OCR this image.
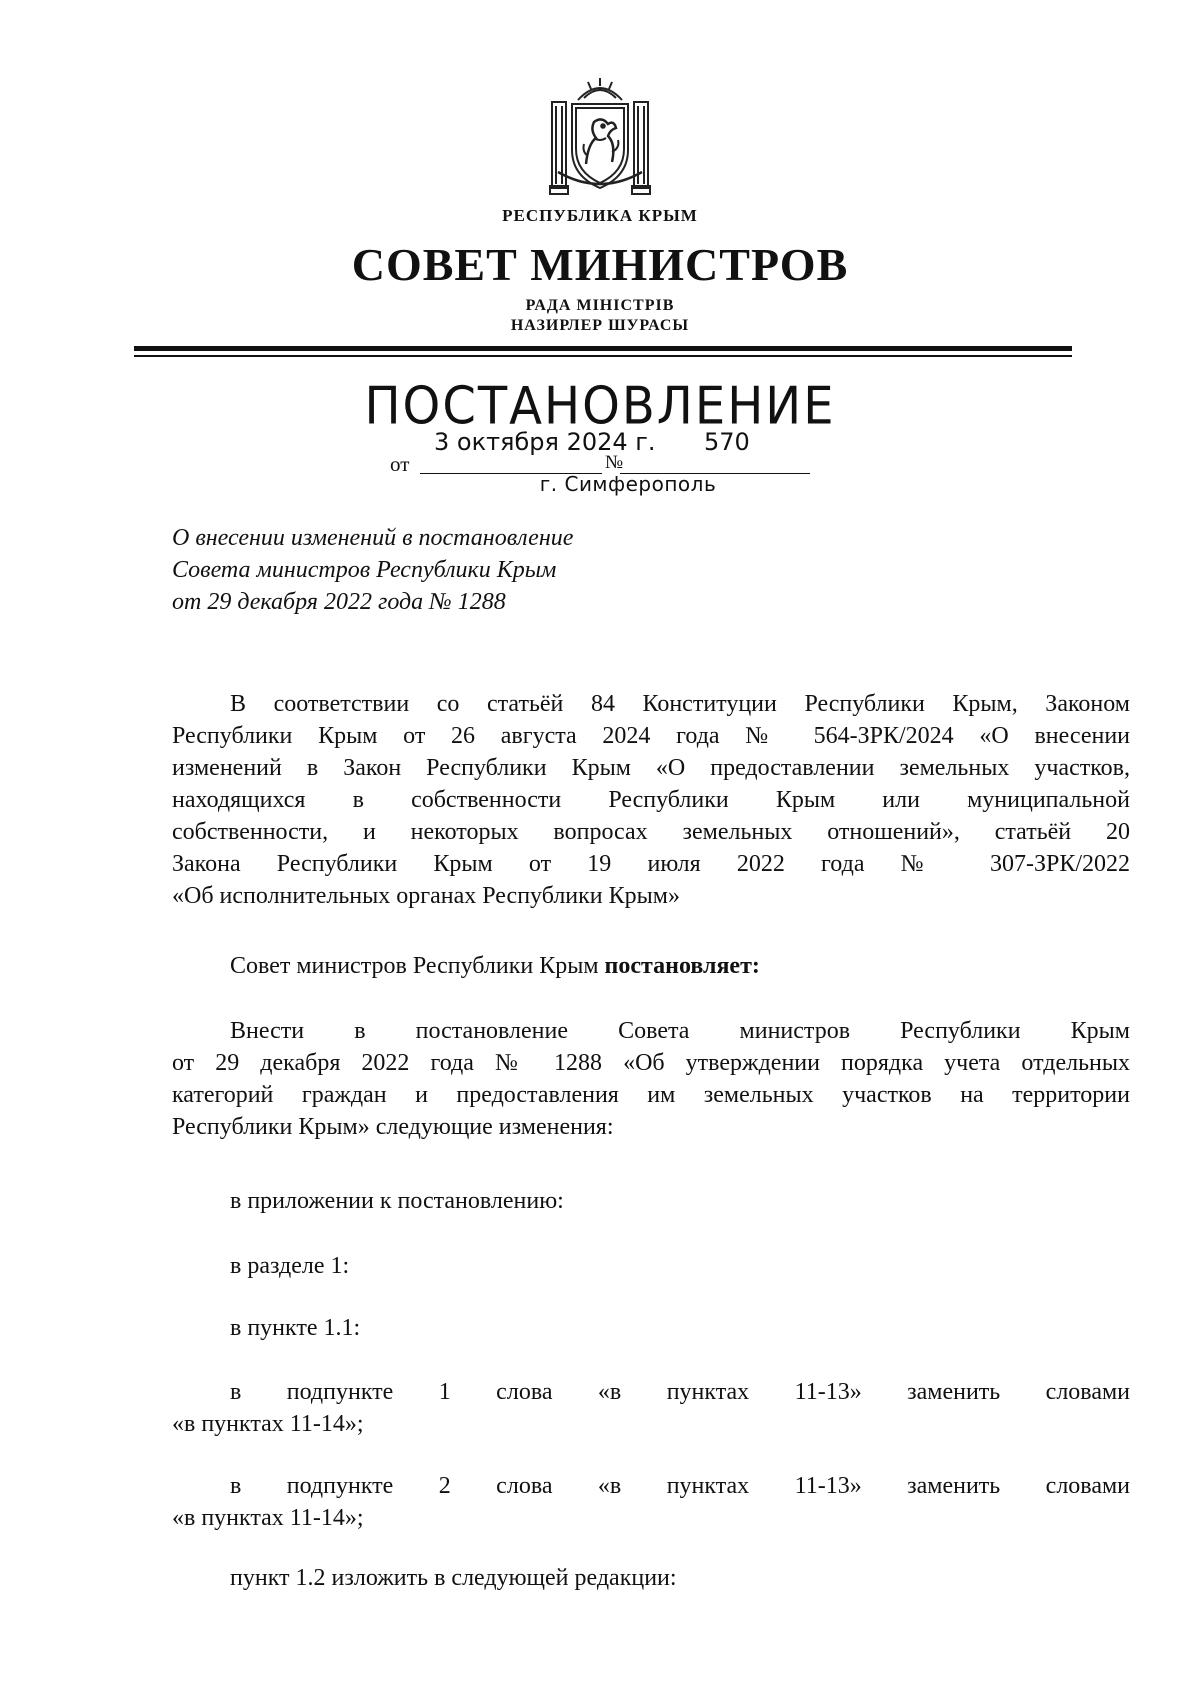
РЕСПУБЛИКА КРЫМ
СОВЕТ МИНИСТРОВ
РАДА МІНІСТРІВ
НАЗИРЛЕР ШУРАСЫ
ПОСТАНОВЛЕНИЕ
от
3 октября 2024 г.
№
570
г. Симферополь
О внесении изменений в постановление
Совета министров Республики Крым
от 29 декабря 2022 года № 1288
В соответствии со статьёй 84 Конституции Республики Крым, Законом
Республики Крым от 26 августа 2024 года № 564-ЗРК/2024 «О внесении
изменений в Закон Республики Крым «О предоставлении земельных участков,
находящихся в собственности Республики Крым или муниципальной
собственности, и некоторых вопросах земельных отношений», статьёй 20
Закона Республики Крым от 19 июля 2022 года № 307-ЗРК/2022
«Об исполнительных органах Республики Крым»
Совет министров Республики Крым постановляет:
Внести в постановление Совета министров Республики Крым
от 29 декабря 2022 года № 1288 «Об утверждении порядка учета отдельных
категорий граждан и предоставления им земельных участков на территории
Республики Крым» следующие изменения:
в приложении к постановлению:
в разделе 1:
в пункте 1.1:
в подпункте 1 слова «в пунктах 11-13» заменить словами
«в пунктах 11-14»;
в подпункте 2 слова «в пунктах 11-13» заменить словами
«в пунктах 11-14»;
пункт 1.2 изложить в следующей редакции:
